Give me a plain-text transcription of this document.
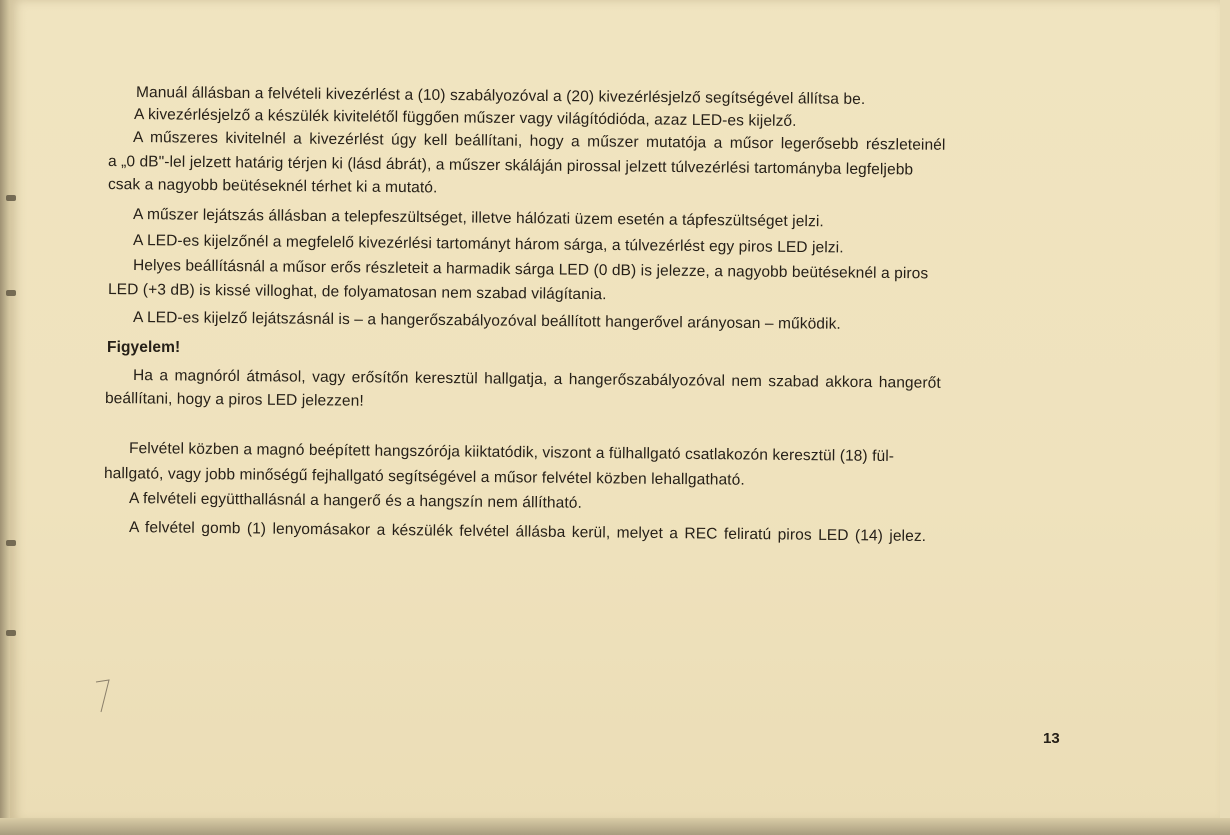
Manuál állásban a felvételi kivezérlést a (10) szabályozóval a (20) kivezérlésjelző segítségével állítsa be.
A kivezérlésjelző a készülék kivitelétől függően műszer vagy világítódióda, azaz LED-es kijelző.
A műszeres kivitelnél a kivezérlést úgy kell beállítani, hogy a műszer mutatója a műsor legerősebb részleteinél
a „0 dB"-lel jelzett határig térjen ki (lásd ábrát), a műszer skáláján pirossal jelzett túlvezérlési tartományba legfeljebb
csak a nagyobb beütéseknél térhet ki a mutató.
A műszer lejátszás állásban a telepfeszültséget, illetve hálózati üzem esetén a tápfeszültséget jelzi.
A LED-es kijelzőnél a megfelelő kivezérlési tartományt három sárga, a túlvezérlést egy piros LED jelzi.
Helyes beállításnál a műsor erős részleteit a harmadik sárga LED (0 dB) is jelezze, a nagyobb beütéseknél a piros
LED (+3 dB) is kissé villoghat, de folyamatosan nem szabad világítania.
A LED-es kijelző lejátszásnál is – a hangerőszabályozóval beállított hangerővel arányosan – működik.
Figyelem!
Ha a magnóról átmásol, vagy erősítőn keresztül hallgatja, a hangerőszabályozóval nem szabad akkora hangerőt
beállítani, hogy a piros LED jelezzen!
Felvétel közben a magnó beépített hangszórója kiiktatódik, viszont a fülhallgató csatlakozón keresztül (18) fül-
hallgató, vagy jobb minőségű fejhallgató segítségével a műsor felvétel közben lehallgatható.
A felvételi együtthallásnál a hangerő és a hangszín nem állítható.
A felvétel gomb (1) lenyomásakor a készülék felvétel állásba kerül, melyet a REC feliratú piros LED (14) jelez.
13
